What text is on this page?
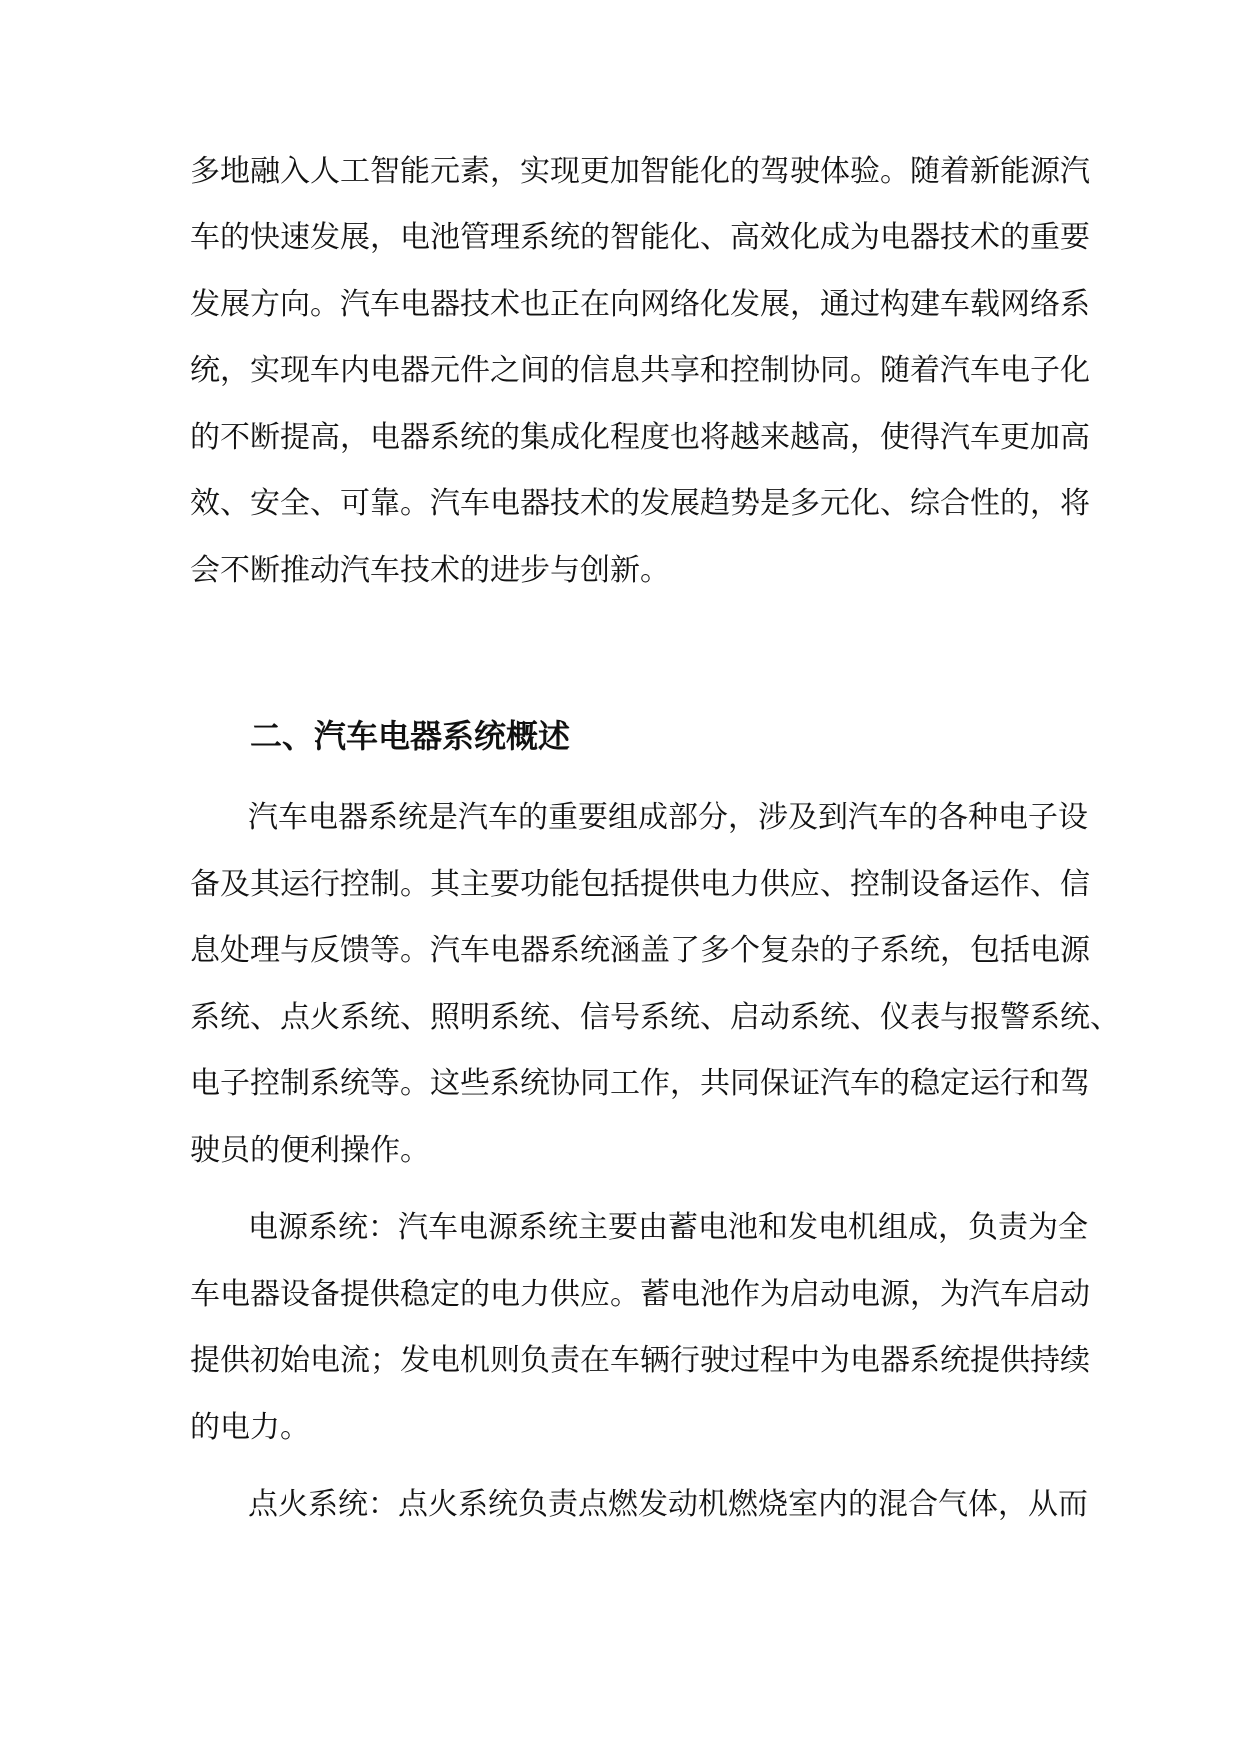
多地融入人工智能元素，实现更加智能化的驾驶体验。随着新能源汽
车的快速发展，电池管理系统的智能化、高效化成为电器技术的重要
发展方向。汽车电器技术也正在向网络化发展，通过构建车载网络系
统，实现车内电器元件之间的信息共享和控制协同。随着汽车电子化
的不断提高，电器系统的集成化程度也将越来越高，使得汽车更加高
效、安全、可靠。汽车电器技术的发展趋势是多元化、综合性的，将
会不断推动汽车技术的进步与创新。
二、汽车电器系统概述
汽车电器系统是汽车的重要组成部分，涉及到汽车的各种电子设
备及其运行控制。其主要功能包括提供电力供应、控制设备运作、信
息处理与反馈等。汽车电器系统涵盖了多个复杂的子系统，包括电源
系统、点火系统、照明系统、信号系统、启动系统、仪表与报警系统、
电子控制系统等。这些系统协同工作，共同保证汽车的稳定运行和驾
驶员的便利操作。
电源系统：汽车电源系统主要由蓄电池和发电机组成，负责为全
车电器设备提供稳定的电力供应。蓄电池作为启动电源，为汽车启动
提供初始电流；发电机则负责在车辆行驶过程中为电器系统提供持续
的电力。
点火系统：点火系统负责点燃发动机燃烧室内的混合气体，从而
